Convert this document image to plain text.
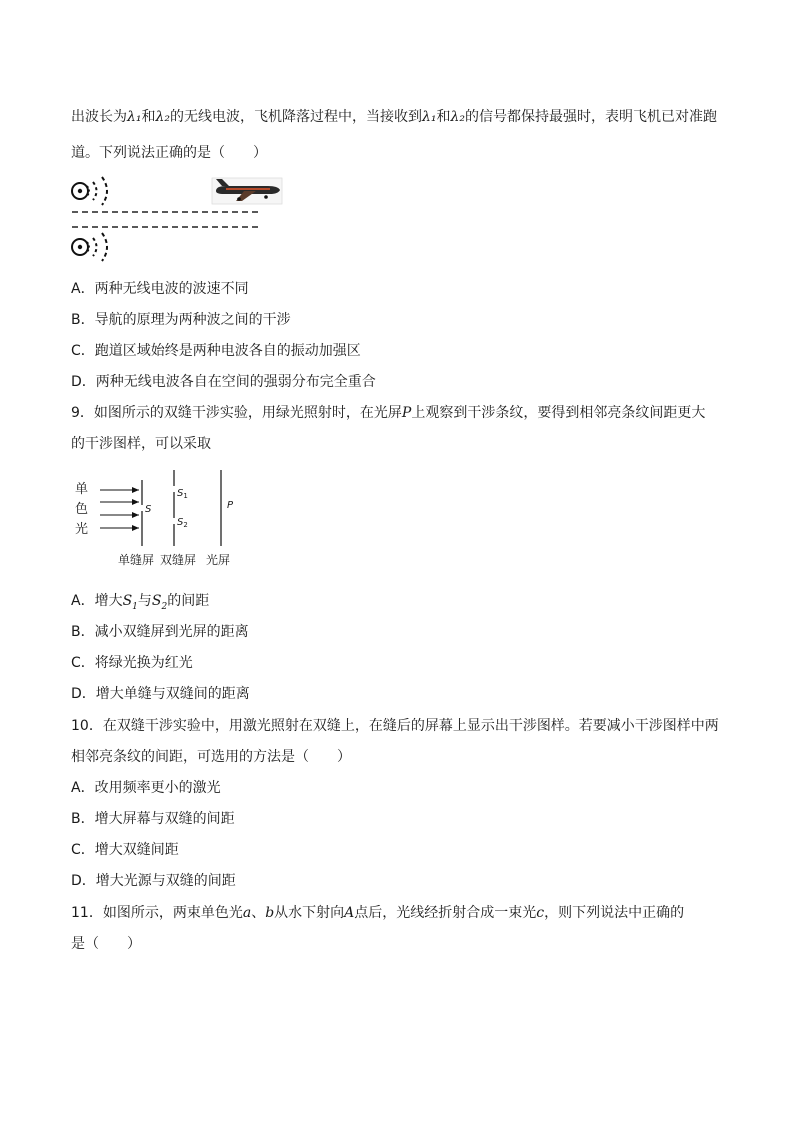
出波长为λ₁和λ₂的无线电波，飞机降落过程中，当接收到λ₁和λ₂的信号都保持最强时，表明飞机已对准跑
道。下列说法正确的是（　　）
A．两种无线电波的波速不同
B．导航的原理为两种波之间的干涉
C．跑道区域始终是两种电波各自的振动加强区
D．两种无线电波各自在空间的强弱分布完全重合
9．如图所示的双缝干涉实验，用绿光照射时，在光屏P上观察到干涉条纹，要得到相邻亮条纹间距更大
的干涉图样，可以采取
单
色
光
S
$S_1$
$S_2$
P
单缝屏 双缝屏 光屏
A．增大$S_1$与$S_2$的间距
B．减小双缝屏到光屏的距离
C．将绿光换为红光
D．增大单缝与双缝间的距离
10．在双缝干涉实验中，用激光照射在双缝上，在缝后的屏幕上显示出干涉图样。若要减小干涉图样中两
相邻亮条纹的间距，可选用的方法是（　　）
A．改用频率更小的激光
B．增大屏幕与双缝的间距
C．增大双缝间距
D．增大光源与双缝的间距
11．如图所示，两束单色光a、b从水下射向A点后，光线经折射合成一束光c，则下列说法中正确的
是（　　）
